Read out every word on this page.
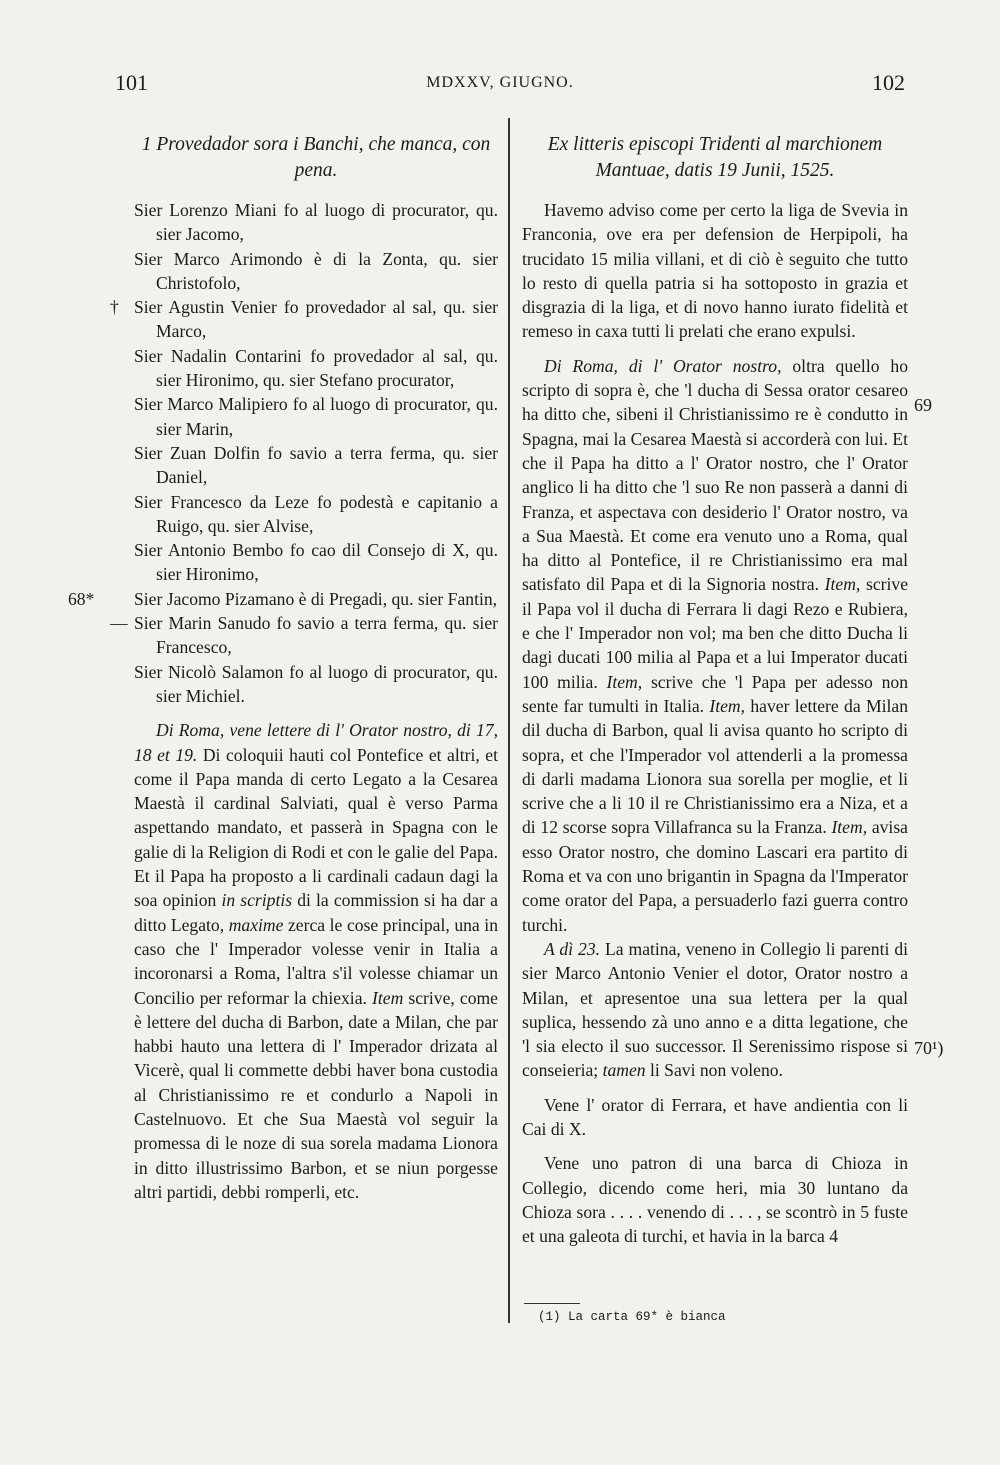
101	MDXXV, GIUGNO.	102
1 Provedador sora i Banchi, che manca, con pena.
Sier Lorenzo Miani fo al luogo di procurator, qu. sier Jacomo,
Sier Marco Arimondo è di la Zonta, qu. sier Christofolo,
† Sier Agustin Venier fo provedador al sal, qu. sier Marco,
Sier Nadalin Contarini fo provedador al sal, qu. sier Hironimo, qu. sier Stefano procurator,
Sier Marco Malipiero fo al luogo di procurator, qu. sier Marin,
Sier Zuan Dolfin fo savio a terra ferma, qu. sier Daniel,
Sier Francesco da Leze fo podestà e capitanio a Ruigo, qu. sier Alvise,
Sier Antonio Bembo fo cao dil Consejo di X, qu. sier Hironimo,
68* Sier Jacomo Pizamano è di Pregadi, qu. sier Fantin,
— Sier Marin Sanudo fo savio a terra ferma, qu. sier Francesco,
Sier Nicolò Salamon fo al luogo di procurator, qu. sier Michiel.

Di Roma, vene lettere di l' Orator nostro, di 17, 18 et 19. Di coloquii hauti col Pontefice et altri, et come il Papa manda di certo Legato a la Cesarea Maestà il cardinal Salviati, qual è verso Parma aspettando mandato, et passerà in Spagna con le galie di la Religion di Rodi et con le galie del Papa. Et il Papa ha proposto a li cardinali cadaun dagi la soa opinion in scriptis di la commission si ha dar a ditto Legato, maxime zerca le cose principal, una in caso che l' Imperador volesse venir in Italia a incoronarsi a Roma, l'altra s'il volesse chiamar un Concilio per reformar la chiexia. Item scrive, come è lettere del ducha di Barbon, date a Milan, che par habbi hauto una lettera di l' Imperador drizata al Vicerè, qual li commette debbi haver bona custodia al Christianissimo re et condurlo a Napoli in Castelnuovo. Et che Sua Maestà vol seguir la promessa di le noze di sua sorela madama Lionora in ditto illustrissimo Barbon, et se niun porgesse altri partidi, debbi romperli, etc.

Ex litteris episcopi Tridenti al marchionem Mantuae, datis 19 Junii, 1525.

Havemo adviso come per certo la liga de Svevia in Franconia, ove era per defension de Herpipoli, ha trucidato 15 milia villani, et di ciò è seguito che tutto lo resto di quella patria si ha sottoposto in grazia et disgrazia di la liga, et di novo hanno iurato fidelità et remeso in caxa tutti li prelati che erano expulsi.

Di Roma, di l' Orator nostro, oltra quello ho scripto di sopra è, che 'l ducha di Sessa orator cesareo ha ditto che, sibeni il Christianissimo re è condutto in Spagna, mai la Cesarea Maestà si accorderà con lui. Et che il Papa ha ditto a l' Orator nostro, che l' Orator anglico li ha ditto che 'l suo Re non passerà a danni di Franza, et aspectava con desiderio l' Orator nostro, va a Sua Maestà. Et come era venuto uno a Roma, qual ha ditto al Pontefice, il re Christianissimo era mal satisfato dil Papa et di la Signoria nostra. Item, scrive il Papa vol il ducha di Ferrara li dagi Rezo e Rubiera, e che l' Imperador non vol; ma ben che ditto Ducha li dagi ducati 100 milia al Papa et a lui Imperator ducati 100 milia. Item, scrive che 'l Papa per adesso non sente far tumulti in Italia. Item, haver lettere da Milan dil ducha di Barbon, qual li avisa quanto ho scripto di sopra, et che l'Imperador vol attenderli a la promessa di darli madama Lionora sua sorella per moglie, et li scrive che a li 10 il re Christianissimo era a Niza, et a di 12 scorse sopra Villafranca su la Franza. Item, avisa esso Orator nostro, che domino Lascari era partito di Roma et va con uno brigantin in Spagna da l'Imperator come orator del Papa, a persuaderlo fazi guerra contro turchi.

A dì 23. La matina, veneno in Collegio li parenti di sier Marco Antonio Venier el dotor, Orator nostro a Milan, et apresentoe una sua lettera per la qual suplica, hessendo zà uno anno e a ditta legatione, che 'l sia electo il suo successor. Il Serenissimo rispose si conseieria; tamen li Savi non voleno.

Vene l' orator di Ferrara, et have andientia con li Cai di X.

Vene uno patron di una barca di Chioza in Collegio, dicendo come heri, mia 30 luntano da Chioza sora . . . . venendo di . . . , se scontrò in 5 fuste et una galeota di turchi, et havia in la barca 4

69
70¹)
(1) La carta 69* è bianca
